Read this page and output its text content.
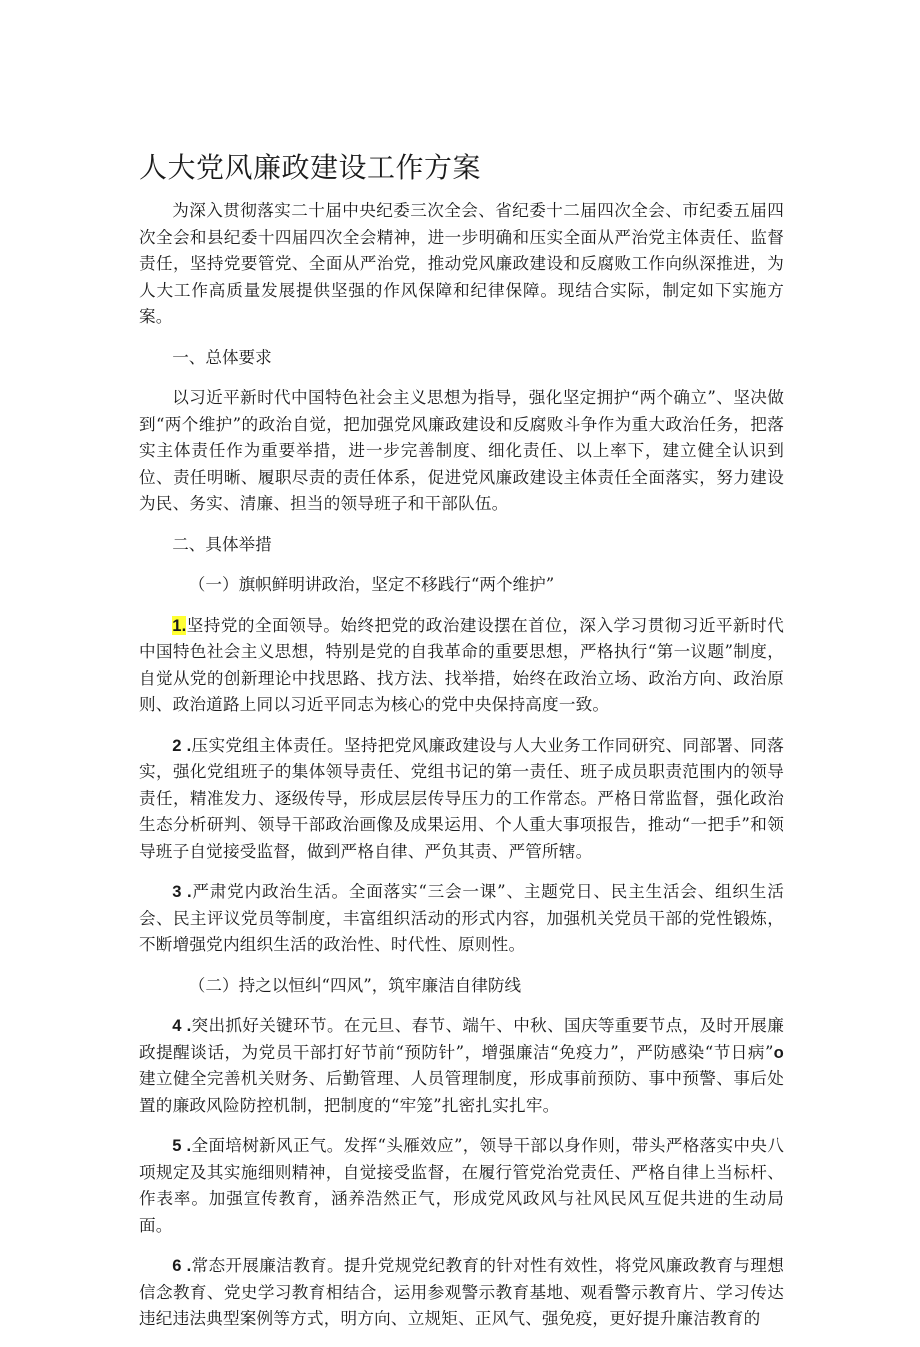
人大党风廉政建设工作方案

为深入贯彻落实二十届中央纪委三次全会、省纪委十二届四次全会、市纪委五届四次全会和县纪委十四届四次全会精神，进一步明确和压实全面从严治党主体责任、监督责任，坚持党要管党、全面从严治党，推动党风廉政建设和反腐败工作向纵深推进，为人大工作高质量发展提供坚强的作风保障和纪律保障。现结合实际，制定如下实施方案。

一、总体要求

以习近平新时代中国特色社会主义思想为指导，强化坚定拥护“两个确立”、坚决做到“两个维护”的政治自觉，把加强党风廉政建设和反腐败斗争作为重大政治任务，把落实主体责任作为重要举措，进一步完善制度、细化责任、以上率下，建立健全认识到位、责任明晰、履职尽责的责任体系，促进党风廉政建设主体责任全面落实，努力建设为民、务实、清廉、担当的领导班子和干部队伍。

二、具体举措

（一）旗帜鲜明讲政治，坚定不移践行“两个维护”

1.坚持党的全面领导。始终把党的政治建设摆在首位，深入学习贯彻习近平新时代中国特色社会主义思想，特别是党的自我革命的重要思想，严格执行“第一议题”制度，自觉从党的创新理论中找思路、找方法、找举措，始终在政治立场、政治方向、政治原则、政治道路上同以习近平同志为核心的党中央保持高度一致。

2 .压实党组主体责任。坚持把党风廉政建设与人大业务工作同研究、同部署、同落实，强化党组班子的集体领导责任、党组书记的第一责任、班子成员职责范围内的领导责任，精准发力、逐级传导，形成层层传导压力的工作常态。严格日常监督，强化政治生态分析研判、领导干部政治画像及成果运用、个人重大事项报告，推动“一把手”和领导班子自觉接受监督，做到严格自律、严负其责、严管所辖。

3 .严肃党内政治生活。全面落实“三会一课”、主题党日、民主生活会、组织生活会、民主评议党员等制度，丰富组织活动的形式内容，加强机关党员干部的党性锻炼，不断增强党内组织生活的政治性、时代性、原则性。

（二）持之以恒纠“四风”，筑牢廉洁自律防线

4 .突出抓好关键环节。在元旦、春节、端午、中秋、国庆等重要节点，及时开展廉政提醒谈话，为党员干部打好节前“预防针”，增强廉洁“免疫力”，严防感染“节日病”o建立健全完善机关财务、后勤管理、人员管理制度，形成事前预防、事中预警、事后处置的廉政风险防控机制，把制度的“牢笼”扎密扎实扎牢。

5 .全面培树新风正气。发挥“头雁效应”，领导干部以身作则，带头严格落实中央八项规定及其实施细则精神，自觉接受监督，在履行管党治党责任、严格自律上当标杆、作表率。加强宣传教育，涵养浩然正气，形成党风政风与社风民风互促共进的生动局面。

6 .常态开展廉洁教育。提升党规党纪教育的针对性有效性，将党风廉政教育与理想信念教育、党史学习教育相结合，运用参观警示教育基地、观看警示教育片、学习传达违纪违法典型案例等方式，明方向、立规矩、正风气、强免疫，更好提升廉洁教育的
